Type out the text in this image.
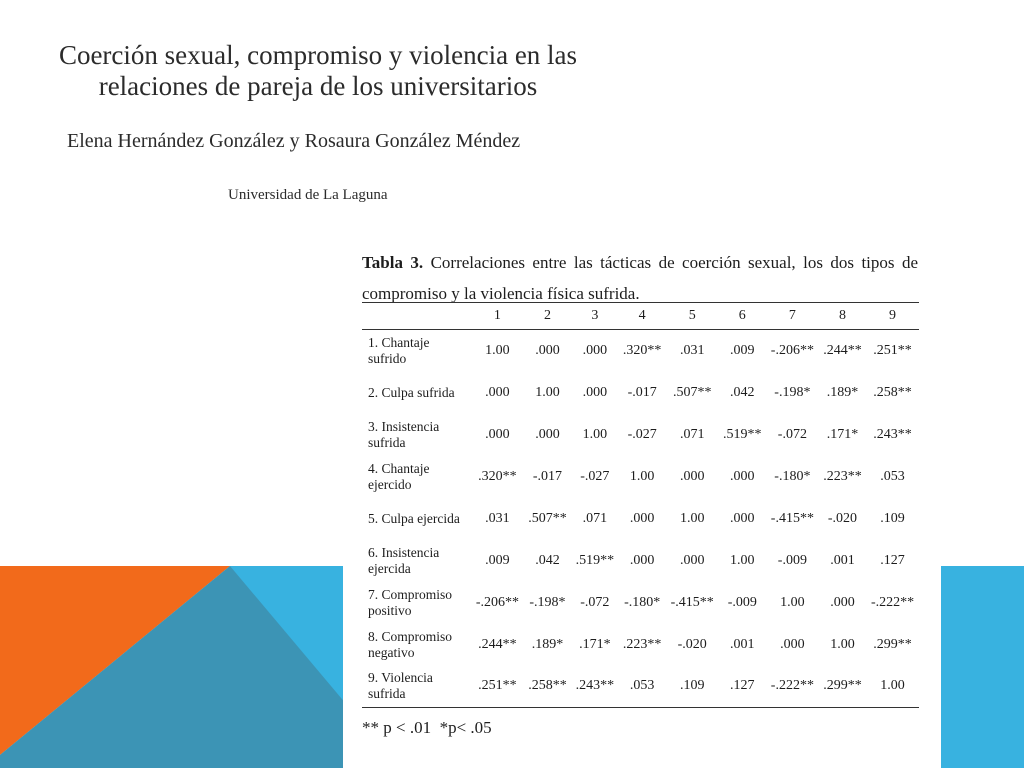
Coerción sexual, compromiso y violencia en las
relaciones de pareja de los universitarios

Elena Hernández González y Rosaura González Méndez

Universidad de La Laguna

Tabla 3. Correlaciones entre las tácticas de coerción sexual, los dos tipos de compromiso y la violencia física sufrida.

	1	2	3	4	5	6	7	8	9
1. Chantaje sufrido	1.00	.000	.000	.320**	.031	.009	-.206**	.244**	.251**
2. Culpa sufrida	.000	1.00	.000	-.017	.507**	.042	-.198*	.189*	.258**
3. Insistencia sufrida	.000	.000	1.00	-.027	.071	.519**	-.072	.171*	.243**
4. Chantaje ejercido	.320**	-.017	-.027	1.00	.000	.000	-.180*	.223**	.053
5. Culpa ejercida	.031	.507**	.071	.000	1.00	.000	-.415**	-.020	.109
6. Insistencia ejercida	.009	.042	.519**	.000	.000	1.00	-.009	.001	.127
7. Compromiso positivo	-.206**	-.198*	-.072	-.180*	-.415**	-.009	1.00	.000	-.222**
8. Compromiso negativo	.244**	.189*	.171*	.223**	-.020	.001	.000	1.00	.299**
9. Violencia sufrida	.251**	.258**	.243**	.053	.109	.127	-.222**	.299**	1.00

** p < .01  *p< .05
